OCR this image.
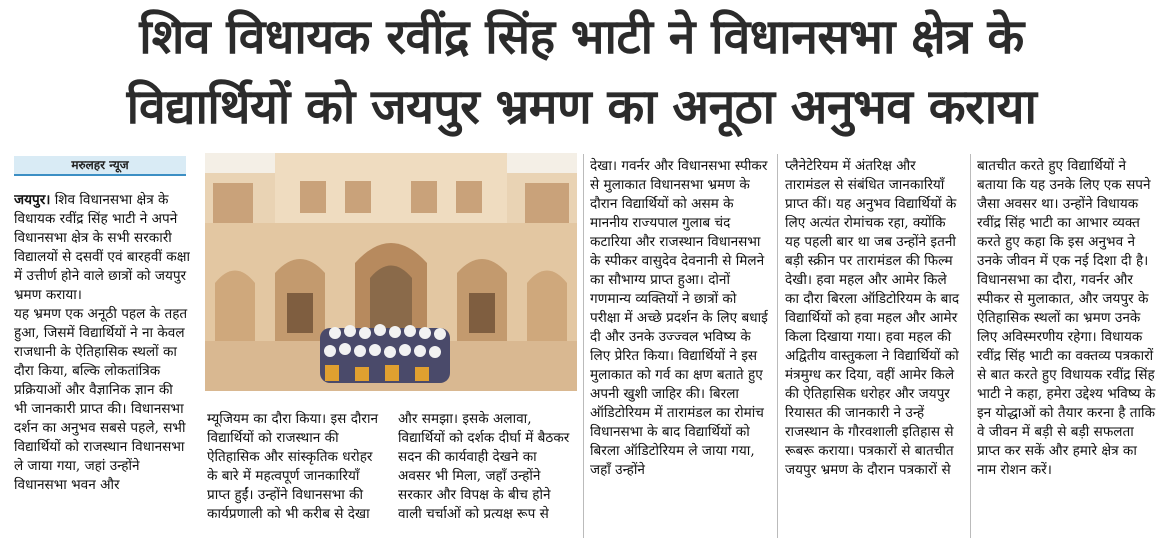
शिव विधायक रवींद्र सिंह भाटी ने विधानसभा क्षेत्र के
विद्यार्थियों को जयपुर भ्रमण का अनूठा अनुभव कराया
मरुलहर न्यूज

जयपुर। शिव विधानसभा क्षेत्र के विधायक रवींद्र सिंह भाटी ने अपने विधानसभा क्षेत्र के सभी सरकारी विद्यालयों से दसवीं एवं बारहवीं कक्षा में उत्तीर्ण होने वाले छात्रों को जयपुर भ्रमण कराया।

यह भ्रमण एक अनूठी पहल के तहत हुआ, जिसमें विद्यार्थियों ने ना केवल राजधानी के ऐतिहासिक स्थलों का दौरा किया, बल्कि लोकतांत्रिक प्रक्रियाओं और वैज्ञानिक ज्ञान की भी जानकारी प्राप्त की। विधानसभा दर्शन का अनुभव सबसे पहले, सभी विद्यार्थियों को राजस्थान विधानसभा ले जाया गया, जहां उन्होंने विधानसभा भवन और

म्यूजियम का दौरा किया। इस दौरान विद्यार्थियों को राजस्थान की ऐतिहासिक और सांस्कृतिक धरोहर के बारे में महत्वपूर्ण जानकारियाँ प्राप्त हुईं। उन्होंने विधानसभा की कार्यप्रणाली को भी करीब से देखा
और समझा। इसके अलावा, विद्यार्थियों को दर्शक दीर्घा में बैठकर सदन की कार्यवाही देखने का अवसर भी मिला, जहाँ उन्होंने सरकार और विपक्ष के बीच होने वाली चर्चाओं को प्रत्यक्ष रूप से
देखा। गवर्नर और विधानसभा स्पीकर से मुलाकात विधानसभा भ्रमण के दौरान विद्यार्थियों को असम के माननीय राज्यपाल गुलाब चंद कटारिया और राजस्थान विधानसभा के स्पीकर वासुदेव देवनानी से मिलने का सौभाग्य प्राप्त हुआ। दोनों गणमान्य व्यक्तियों ने छात्रों को परीक्षा में अच्छे प्रदर्शन के लिए बधाई दी और उनके उज्ज्वल भविष्य के लिए प्रेरित किया। विद्यार्थियों ने इस मुलाकात को गर्व का क्षण बताते हुए अपनी खुशी जाहिर की। बिरला ऑडिटोरियम में तारामंडल का रोमांच विधानसभा के बाद विद्यार्थियों को बिरला ऑडिटोरियम ले जाया गया, जहाँ उन्होंने
प्लैनेटेरियम में अंतरिक्ष और तारामंडल से संबंधित जानकारियाँ प्राप्त कीं। यह अनुभव विद्यार्थियों के लिए अत्यंत रोमांचक रहा, क्योंकि यह पहली बार था जब उन्होंने इतनी बड़ी स्क्रीन पर तारामंडल की फिल्म देखी। हवा महल और आमेर किले का दौरा बिरला ऑडिटोरियम के बाद विद्यार्थियों को हवा महल और आमेर किला दिखाया गया। हवा महल की अद्वितीय वास्तुकला ने विद्यार्थियों को मंत्रमुग्ध कर दिया, वहीं आमेर किले की ऐतिहासिक धरोहर और जयपुर रियासत की जानकारी ने उन्हें राजस्थान के गौरवशाली इतिहास से रूबरू कराया। पत्रकारों से बातचीत जयपुर भ्रमण के दौरान पत्रकारों से
बातचीत करते हुए विद्यार्थियों ने बताया कि यह उनके लिए एक सपने जैसा अवसर था। उन्होंने विधायक रवींद्र सिंह भाटी का आभार व्यक्त करते हुए कहा कि इस अनुभव ने उनके जीवन में एक नई दिशा दी है। विधानसभा का दौरा, गवर्नर और स्पीकर से मुलाकात, और जयपुर के ऐतिहासिक स्थलों का भ्रमण उनके लिए अविस्मरणीय रहेगा। विधायक रवींद्र सिंह भाटी का वक्तव्य पत्रकारों से बात करते हुए विधायक रवींद्र सिंह भाटी ने कहा, हमेरा उद्देश्य भविष्य के इन योद्धाओं को तैयार करना है ताकि वे जीवन में बड़ी से बड़ी सफलता प्राप्त कर सकें और हमारे क्षेत्र का नाम रोशन करें।
